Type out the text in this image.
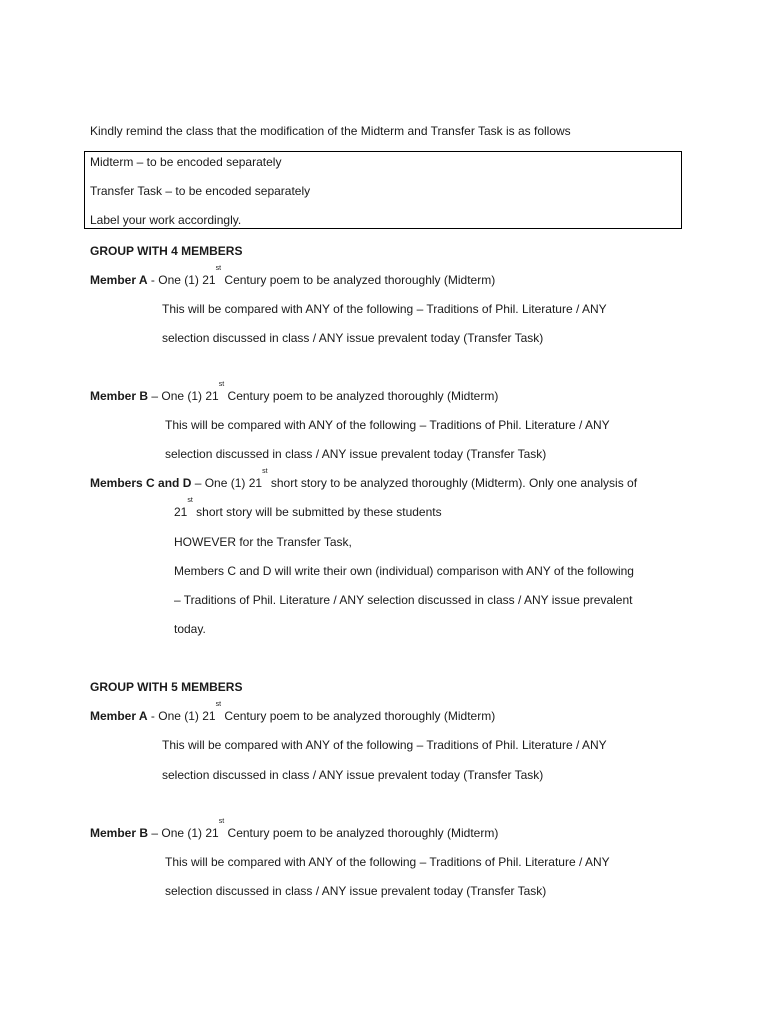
Kindly remind the class that the modification of the Midterm and Transfer Task is as follows
Midterm – to be encoded separately
Transfer Task – to be encoded separately
Label your work accordingly.
GROUP WITH 4 MEMBERS
Member A - One (1) 21st Century poem to be analyzed thoroughly (Midterm)
This will be compared with ANY of the following – Traditions of Phil. Literature / ANY
selection discussed in class / ANY issue prevalent today (Transfer Task)
Member B – One (1) 21st Century poem to be analyzed thoroughly (Midterm)
This will be compared with ANY of the following – Traditions of Phil. Literature / ANY
selection discussed in class / ANY issue prevalent today (Transfer Task)
Members C and D – One (1) 21st short story to be analyzed thoroughly (Midterm). Only one analysis of
21st short story will be submitted by these students
HOWEVER for the Transfer Task,
Members C and D will write their own (individual) comparison with ANY of the following
– Traditions of Phil. Literature / ANY selection discussed in class / ANY issue prevalent
today.
GROUP WITH 5 MEMBERS
Member A - One (1) 21st Century poem to be analyzed thoroughly (Midterm)
This will be compared with ANY of the following – Traditions of Phil. Literature / ANY
selection discussed in class / ANY issue prevalent today (Transfer Task)
Member B – One (1) 21st Century poem to be analyzed thoroughly (Midterm)
This will be compared with ANY of the following – Traditions of Phil. Literature / ANY
selection discussed in class / ANY issue prevalent today (Transfer Task)
